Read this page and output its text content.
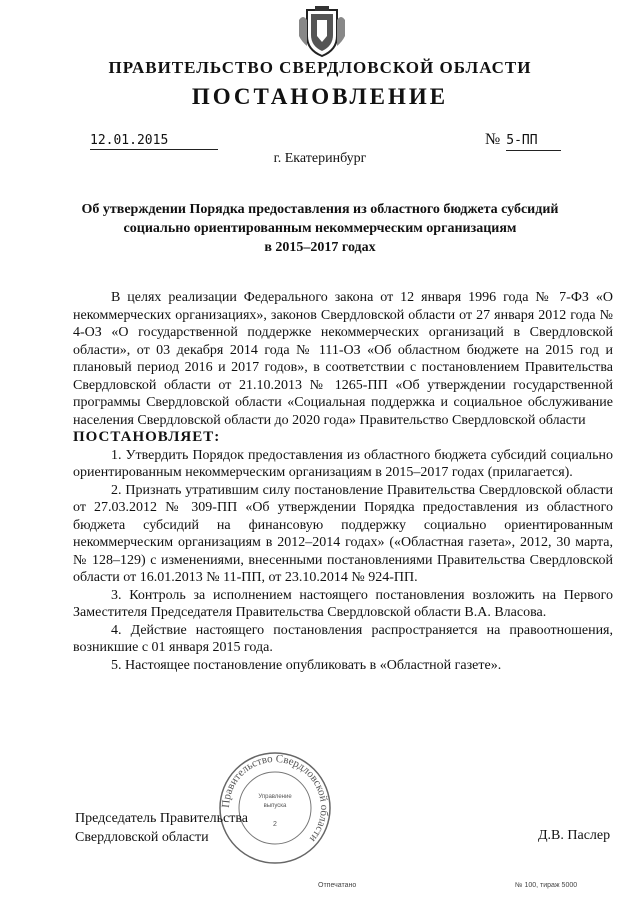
ПРАВИТЕЛЬСТВО СВЕРДЛОВСКОЙ ОБЛАСТИ
ПОСТАНОВЛЕНИЕ
12.01.2015	№ 5-ПП
г. Екатеринбург
Об утверждении Порядка предоставления из областного бюджета субсидий
социально ориентированным некоммерческим организациям
в 2015–2017 годах

В целях реализации Федерального закона от 12 января 1996 года № 7-ФЗ «О некоммерческих организациях», законов Свердловской области от 27 января 2012 года № 4-ОЗ «О государственной поддержке некоммерческих организаций в Свердловской области», от 03 декабря 2014 года № 111-ОЗ «Об областном бюджете на 2015 год и плановый период 2016 и 2017 годов», в соответствии с постановлением Правительства Свердловской области от 21.10.2013 № 1265-ПП «Об утверждении государственной программы Свердловской области «Социальная поддержка и социальное обслуживание населения Свердловской области до 2020 года» Правительство Свердловской области

ПОСТАНОВЛЯЕТ:

1. Утвердить Порядок предоставления из областного бюджета субсидий социально ориентированным некоммерческим организациям в 2015–2017 годах (прилагается).

2. Признать утратившим силу постановление Правительства Свердловской области от 27.03.2012 № 309-ПП «Об утверждении Порядка предоставления из областного бюджета субсидий на финансовую поддержку социально ориентированным некоммерческим организациям в 2012–2014 годах» («Областная газета», 2012, 30 марта, № 128–129) с изменениями, внесенными постановлениями Правительства Свердловской области от 16.01.2013 № 11-ПП, от 23.10.2014 № 924-ПП.

3. Контроль за исполнением настоящего постановления возложить на Первого Заместителя Председателя Правительства Свердловской области В.А. Власова.

4. Действие настоящего постановления распространяется на правоотношения, возникшие с 01 января 2015 года.

5. Настоящее постановление опубликовать в «Областной газете».

Правительство Свердловской области
Управление
выпуска
2
Председатель Правительства
Свердловской области	Д.В. Паслер
Отпечатано	№ 100, тираж 5000
